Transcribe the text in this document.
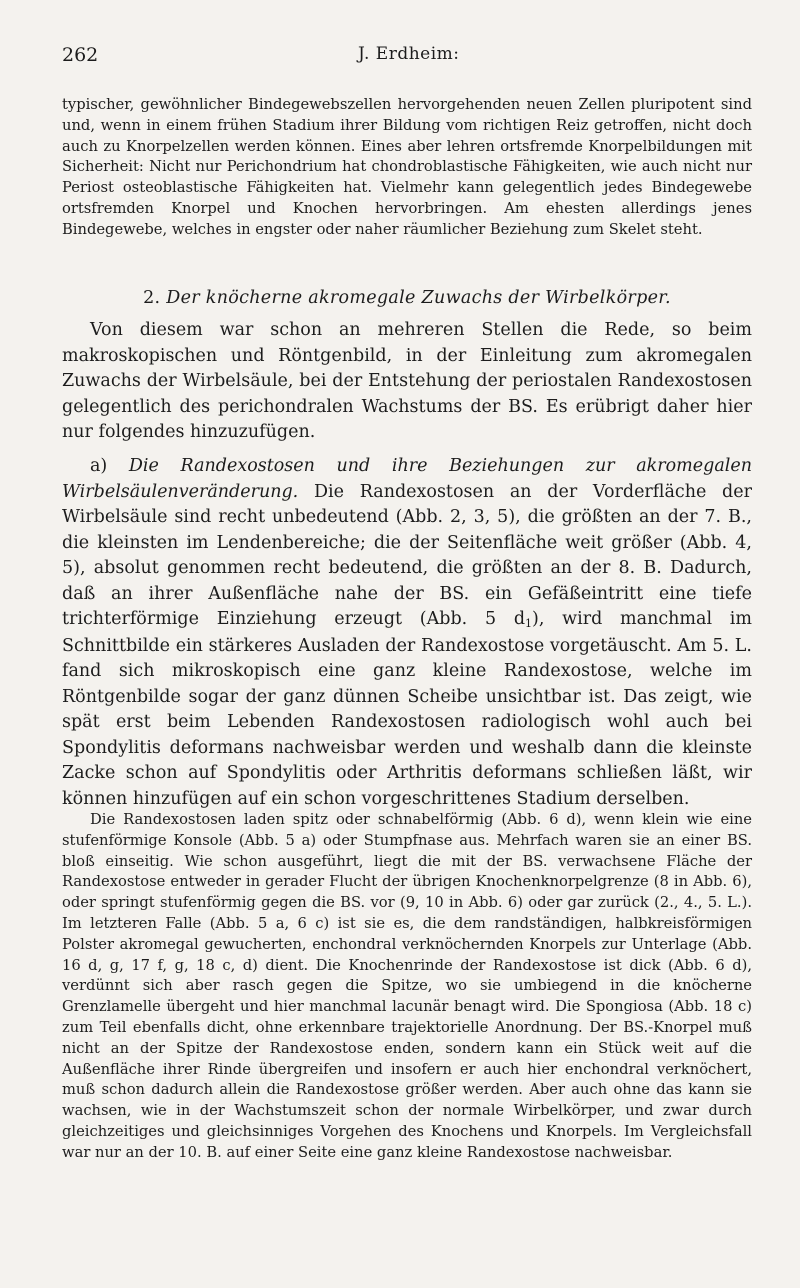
262	J. Erdheim:

typischer, gewöhnlicher Bindegewebszellen hervorgehenden neuen Zellen pluripotent sind und, wenn in einem frühen Stadium ihrer Bildung vom richtigen Reiz getroffen, nicht doch auch zu Knorpelzellen werden können. Eines aber lehren ortsfremde Knorpelbildungen mit Sicherheit: Nicht nur Perichondrium hat chondroblastische Fähigkeiten, wie auch nicht nur Periost osteoblastische Fähigkeiten hat. Vielmehr kann gelegentlich jedes Bindegewebe ortsfremden Knorpel und Knochen hervorbringen. Am ehesten allerdings jenes Bindegewebe, welches in engster oder naher räumlicher Beziehung zum Skelet steht.

2. Der knöcherne akromegale Zuwachs der Wirbelkörper.

Von diesem war schon an mehreren Stellen die Rede, so beim makroskopischen und Röntgenbild, in der Einleitung zum akromegalen Zuwachs der Wirbelsäule, bei der Entstehung der periostalen Randexostosen gelegentlich des perichondralen Wachstums der BS. Es erübrigt daher hier nur folgendes hinzuzufügen.

a) Die Randexostosen und ihre Beziehungen zur akromegalen Wirbelsäulenveränderung. Die Randexostosen an der Vorderfläche der Wirbelsäule sind recht unbedeutend (Abb. 2, 3, 5), die größten an der 7. B., die kleinsten im Lendenbereiche; die der Seitenfläche weit größer (Abb. 4, 5), absolut genommen recht bedeutend, die größten an der 8. B. Dadurch, daß an ihrer Außenfläche nahe der BS. ein Gefäßeintritt eine tiefe trichterförmige Einziehung erzeugt (Abb. 5 d1), wird manchmal im Schnittbilde ein stärkeres Ausladen der Randexostose vorgetäuscht. Am 5. L. fand sich mikroskopisch eine ganz kleine Randexostose, welche im Röntgenbilde sogar der ganz dünnen Scheibe unsichtbar ist. Das zeigt, wie spät erst beim Lebenden Randexostosen radiologisch wohl auch bei Spondylitis deformans nachweisbar werden und weshalb dann die kleinste Zacke schon auf Spondylitis oder Arthritis deformans schließen läßt, wir können hinzufügen auf ein schon vorgeschrittenes Stadium derselben.

Die Randexostosen laden spitz oder schnabelförmig (Abb. 6 d), wenn klein wie eine stufenförmige Konsole (Abb. 5 a) oder Stumpfnase aus. Mehrfach waren sie an einer BS. bloß einseitig. Wie schon ausgeführt, liegt die mit der BS. verwachsene Fläche der Randexostose entweder in gerader Flucht der übrigen Knochenknorpelgrenze (8 in Abb. 6), oder springt stufenförmig gegen die BS. vor (9, 10 in Abb. 6) oder gar zurück (2., 4., 5. L.). Im letzteren Falle (Abb. 5 a, 6 c) ist sie es, die dem randständigen, halbkreisförmigen Polster akromegal gewucherten, enchondral verknöchernden Knorpels zur Unterlage (Abb. 16 d, g, 17 f, g, 18 c, d) dient. Die Knochenrinde der Randexostose ist dick (Abb. 6 d), verdünnt sich aber rasch gegen die Spitze, wo sie umbiegend in die knöcherne Grenzlamelle übergeht und hier manchmal lacunär benagt wird. Die Spongiosa (Abb. 18 c) zum Teil ebenfalls dicht, ohne erkennbare trajektorielle Anordnung. Der BS.-Knorpel muß nicht an der Spitze der Randexostose enden, sondern kann ein Stück weit auf die Außenfläche ihrer Rinde übergreifen und insofern er auch hier enchondral verknöchert, muß schon dadurch allein die Randexostose größer werden. Aber auch ohne das kann sie wachsen, wie in der Wachstumszeit schon der normale Wirbelkörper, und zwar durch gleichzeitiges und gleichsinniges Vorgehen des Knochens und Knorpels. Im Vergleichsfall war nur an der 10. B. auf einer Seite eine ganz kleine Randexostose nachweisbar.
